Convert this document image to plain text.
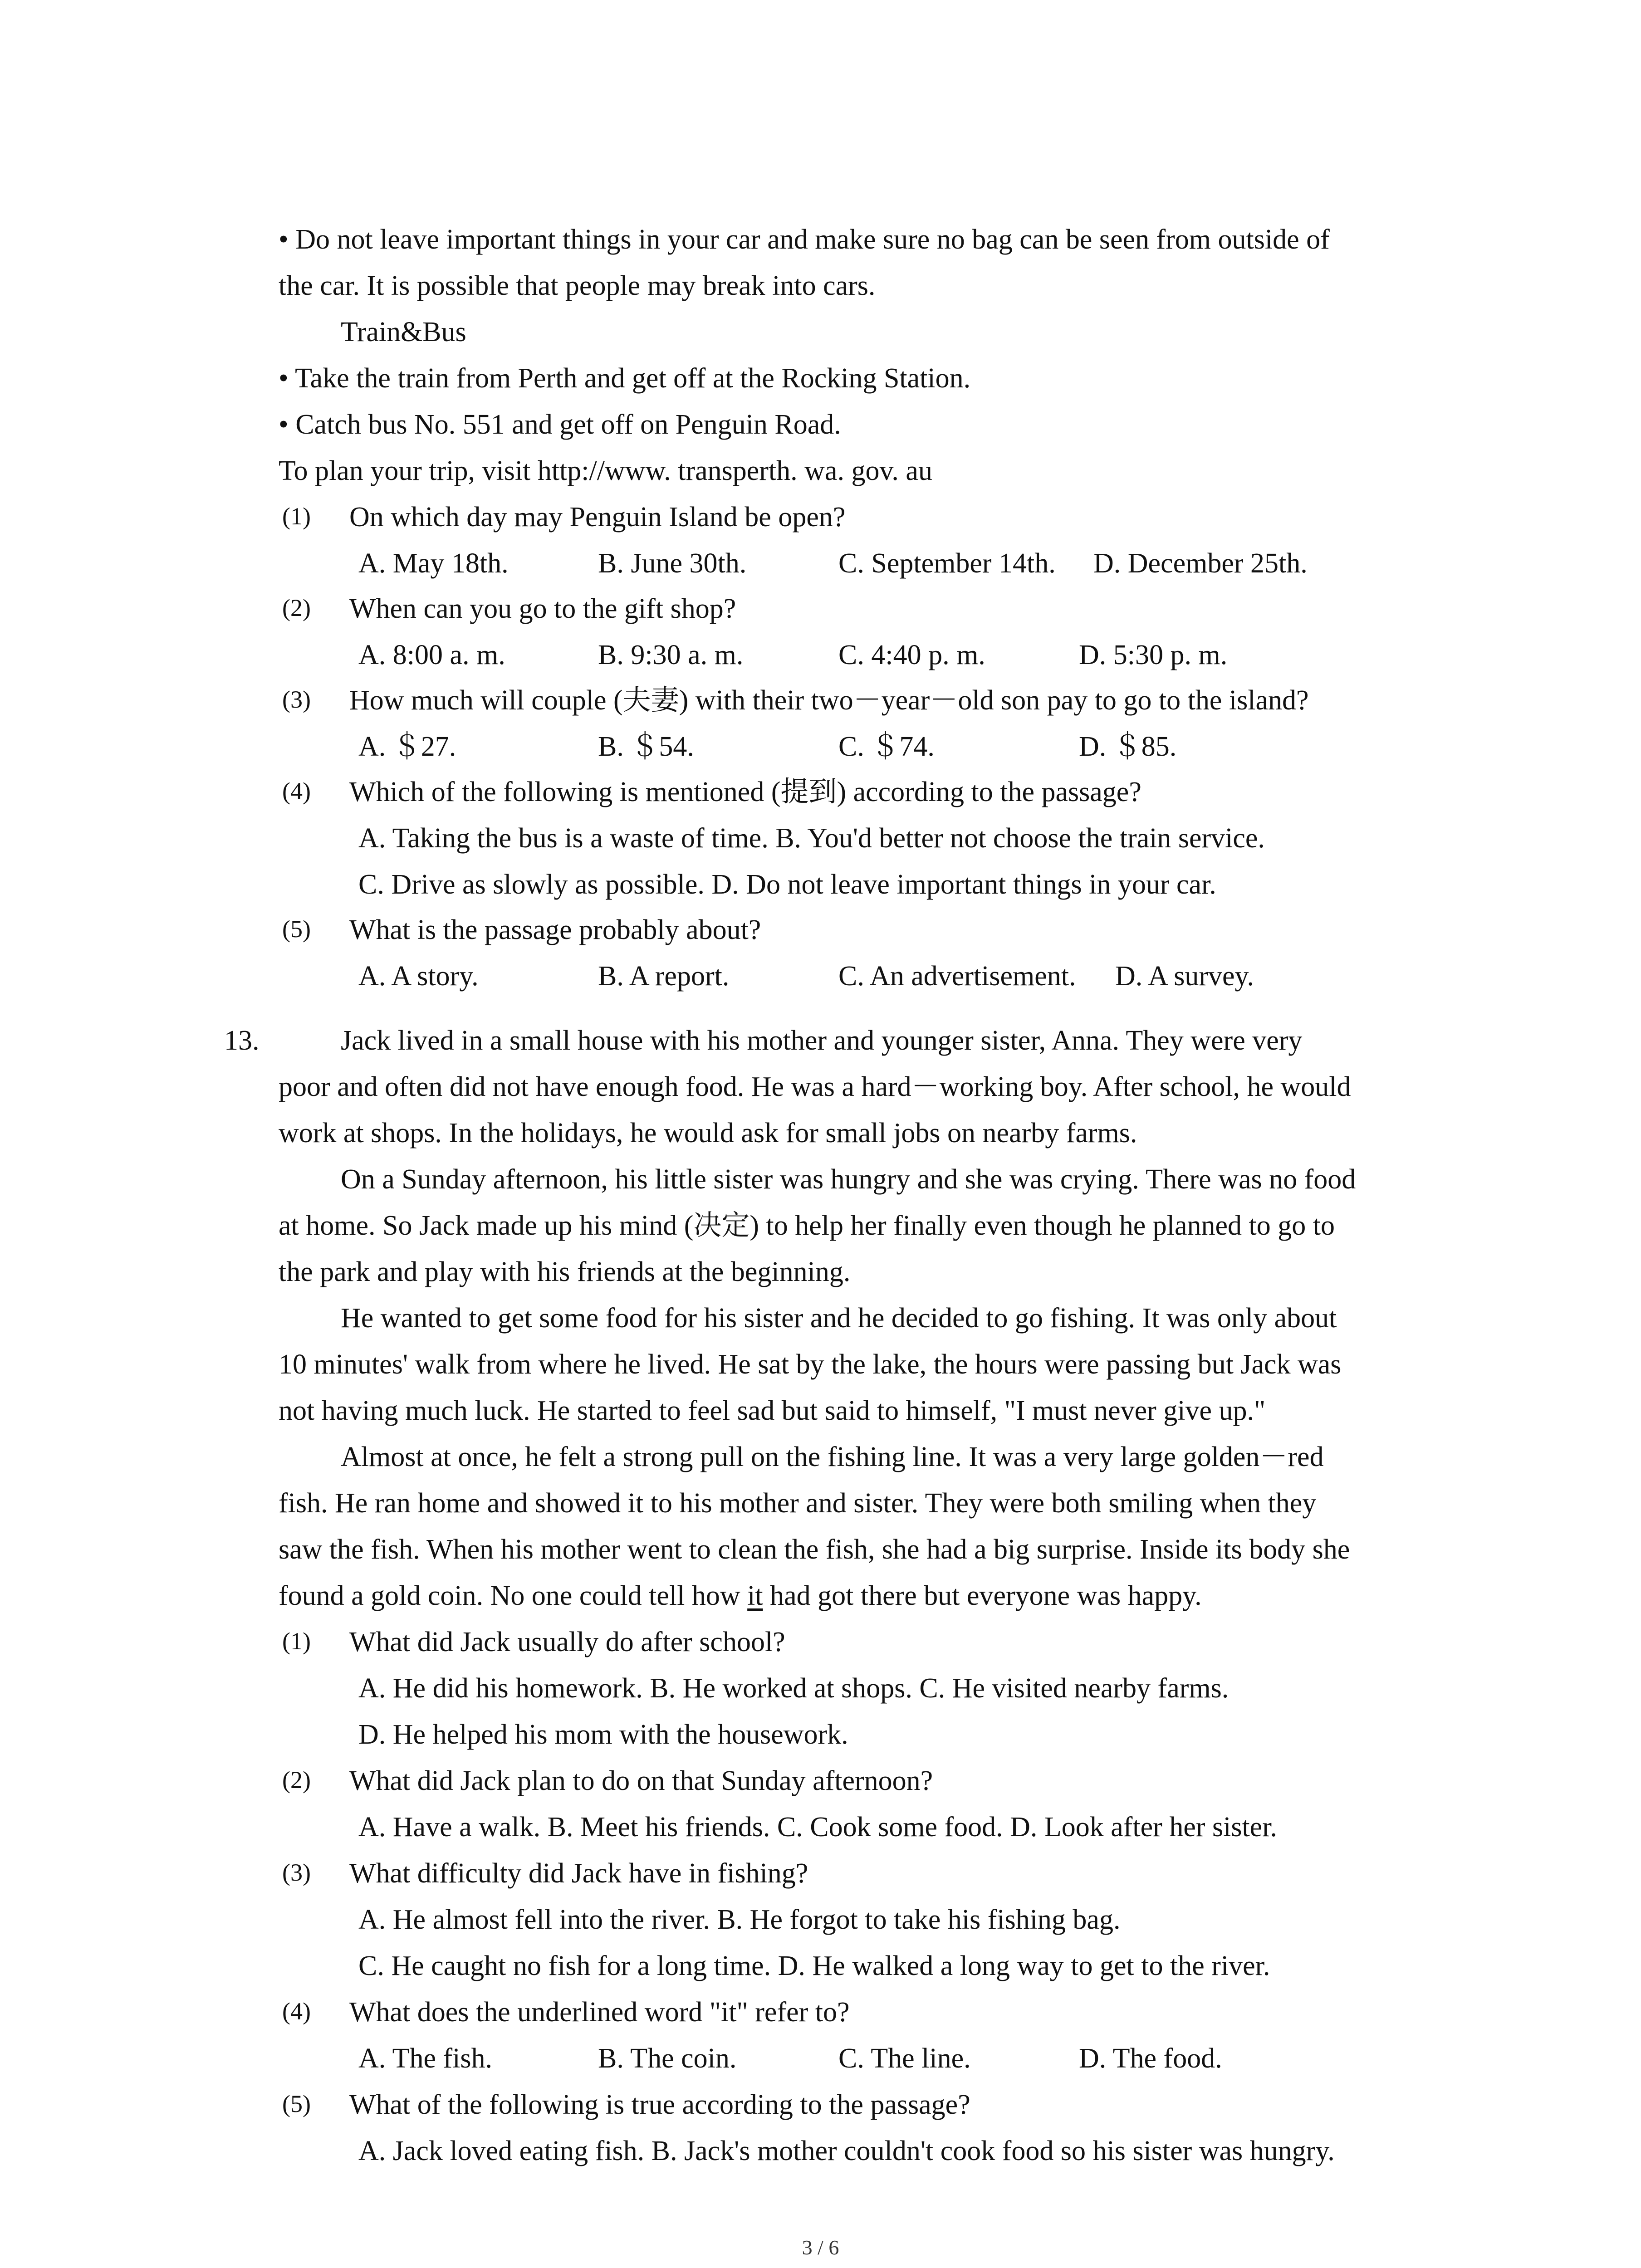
• Do not leave important things in your car and make sure no bag can be seen from outside of
the car. It is possible that people may break into cars.
Train&Bus
• Take the train from Perth and get off at the Rocking Station.
• Catch bus No. 551 and get off on Penguin Road.
To plan your trip, visit http://www. transperth. wa. gov. au
(1) On which day may Penguin Island be open?
A. May 18th.	B. June 30th.	C. September 14th. D. December 25th.
(2) When can you go to the gift shop?
A. 8:00 a. m.	B. 9:30 a. m.	C. 4:40 p. m.	D. 5:30 p. m.
(3) How much will couple (夫妻) with their two－year－old son pay to go to the island?
A. ＄27.	B. ＄54.	C. ＄74.	D. ＄85.
(4) Which of the following is mentioned (提到) according to the passage?
A. Taking the bus is a waste of time. B. You'd better not choose the train service.
C. Drive as slowly as possible. D. Do not leave important things in your car.
(5) What is the passage probably about?
A. A story.	B. A report.	C. An advertisement. D. A survey.
13.	Jack lived in a small house with his mother and younger sister, Anna. They were very
poor and often did not have enough food. He was a hard－working boy. After school, he would
work at shops. In the holidays, he would ask for small jobs on nearby farms.
On a Sunday afternoon, his little sister was hungry and she was crying. There was no food
at home. So Jack made up his mind (决定) to help her finally even though he planned to go to
the park and play with his friends at the beginning.
He wanted to get some food for his sister and he decided to go fishing. It was only about
10 minutes' walk from where he lived. He sat by the lake, the hours were passing but Jack was
not having much luck. He started to feel sad but said to himself, "I must never give up."
Almost at once, he felt a strong pull on the fishing line. It was a very large golden－red
fish. He ran home and showed it to his mother and sister. They were both smiling when they
saw the fish. When his mother went to clean the fish, she had a big surprise. Inside its body she
found a gold coin. No one could tell how it had got there but everyone was happy.
(1) What did Jack usually do after school?
A. He did his homework. B. He worked at shops. C. He visited nearby farms.
D. He helped his mom with the housework.
(2) What did Jack plan to do on that Sunday afternoon?
A. Have a walk. B. Meet his friends. C. Cook some food. D. Look after her sister.
(3) What difficulty did Jack have in fishing?
A. He almost fell into the river. B. He forgot to take his fishing bag.
C. He caught no fish for a long time. D. He walked a long way to get to the river.
(4) What does the underlined word "it" refer to?
A. The fish.	B. The coin.	C. The line.	D. The food.
(5) What of the following is true according to the passage?
A. Jack loved eating fish. B. Jack's mother couldn't cook food so his sister was hungry.
3 / 6
